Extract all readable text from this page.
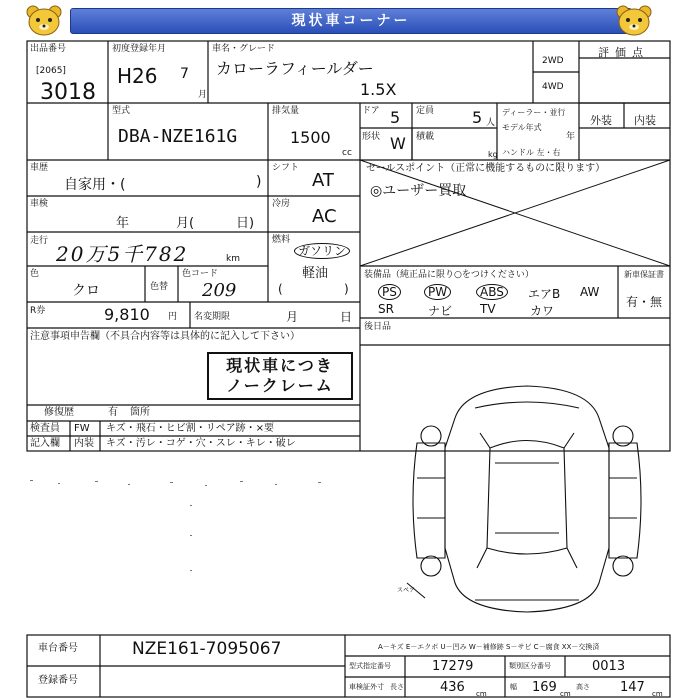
現状車コーナー
出品番号
[2065]
3018
初度登録年月
H26 7
月
車名・グレード
カローラフィールダー
1.5X
2WD
4WD
評価点
外装 内装
型式
DBA-NZE161G
排気量
1500
cc
ドア 5 定員 5 人
形状 W 積載
kg
ディーラー・並行
モデル年式
年
ハンドル 左・右
車歴
自家用・(	)
シフト
AT
車検
年	月(	日)
冷房
AC
走行
20万5千782	km
燃料
ガソリン
軽油
(	)
色
クロ	色替
色コード
209
R券	9,810 円 名変期限	月	日
セールスポイント（正常に機能するものに限ります）
◎ユーザー買取
装備品（純正品に限り○をつけください）
PS	PW	ABS	エアB AW
SR	ナビ TV	カワ
新車保証書
有・無
後日品
注意事項申告欄（不具合内容等は具体的に記入して下さい）
現状車につき
ノークレーム
修復歴	有 箇所
検査員
記入欄
FW
内装
キズ・飛石・ヒビ割・リペア跡・×要
キズ・汚レ・コゲ・穴・スレ・キレ・破レ
スペア
車台番号	NZE161-7095067
登録番号
A－キズ E－エクボ U－凹み W－補修跡 S－サビ C－腐食 XX－交換済
型式指定番号	17279	類別区分番号	0013
車検証外寸 長さ	436 cm
幅 169 cm
高さ 147 cm
